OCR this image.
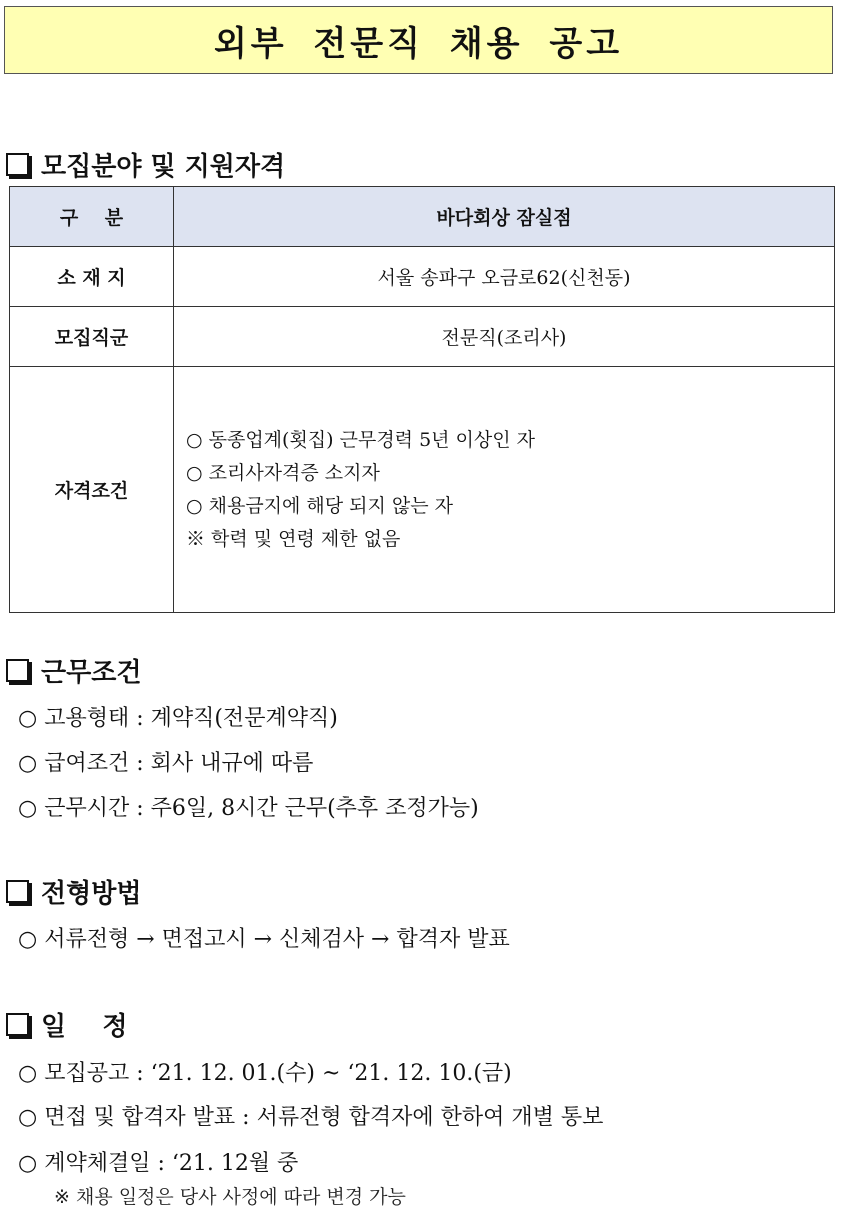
외부 전문직 채용 공고
모집분야 및 지원자격
구    분	바다회상 잠실점
소 재 지	서울 송파구 오금로62(신천동)
모집직군	전문직(조리사)
자격조건	○ 동종업계(횟집) 근무경력 5년 이상인 자
○ 조리사자격증 소지자
○ 채용금지에 해당 되지 않는 자
※ 학력 및 연령 제한 없음
근무조건
○ 고용형태 : 계약직(전문계약직)
○ 급여조건 : 회사 내규에 따름
○ 근무시간 : 주6일, 8시간 근무(추후 조정가능)
전형방법
○ 서류전형 → 면접고시 → 신체검사 → 합격자 발표
일    정
○ 모집공고 : ‘21. 12. 01.(수) ~ ‘21. 12. 10.(금)
○ 면접 및 합격자 발표 : 서류전형 합격자에 한하여 개별 통보
○ 계약체결일 : ‘21. 12월 중
※ 채용 일정은 당사 사정에 따라 변경 가능
